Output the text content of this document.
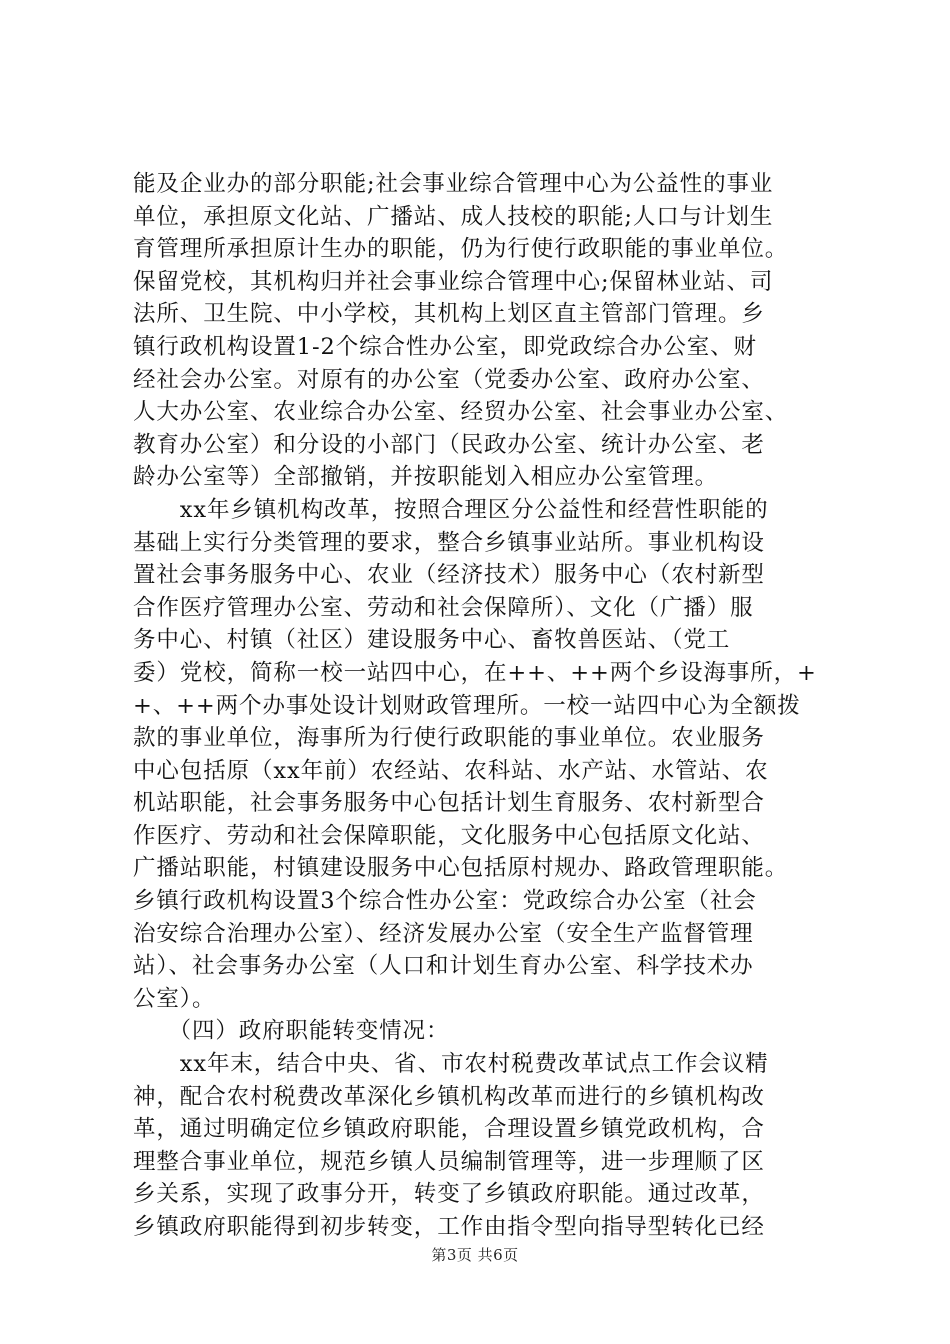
能及企业办的部分职能;社会事业综合管理中心为公益性的事业
单位，承担原文化站、广播站、成人技校的职能;人口与计划生
育管理所承担原计生办的职能，仍为行使行政职能的事业单位。
保留党校，其机构归并社会事业综合管理中心;保留林业站、司
法所、卫生院、中小学校，其机构上划区直主管部门管理。乡
镇行政机构设置1-2个综合性办公室，即党政综合办公室、财
经社会办公室。对原有的办公室（党委办公室、政府办公室、
人大办公室、农业综合办公室、经贸办公室、社会事业办公室、
教育办公室）和分设的小部门（民政办公室、统计办公室、老
龄办公室等）全部撤销，并按职能划入相应办公室管理。
　　xx年乡镇机构改革，按照合理区分公益性和经营性职能的
基础上实行分类管理的要求，整合乡镇事业站所。事业机构设
置社会事务服务中心、农业（经济技术）服务中心（农村新型
合作医疗管理办公室、劳动和社会保障所）、文化（广播）服
务中心、村镇（社区）建设服务中心、畜牧兽医站、（党工
委）党校，简称一校一站四中心，在++、++两个乡设海事所，+
+、++两个办事处设计划财政管理所。一校一站四中心为全额拨
款的事业单位，海事所为行使行政职能的事业单位。农业服务
中心包括原（xx年前）农经站、农科站、水产站、水管站、农
机站职能，社会事务服务中心包括计划生育服务、农村新型合
作医疗、劳动和社会保障职能，文化服务中心包括原文化站、
广播站职能，村镇建设服务中心包括原村规办、路政管理职能。
乡镇行政机构设置3个综合性办公室：党政综合办公室（社会
治安综合治理办公室）、经济发展办公室（安全生产监督管理
站）、社会事务办公室（人口和计划生育办公室、科学技术办
公室）。
　　（四）政府职能转变情况：
　　xx年末，结合中央、省、市农村税费改革试点工作会议精
神，配合农村税费改革深化乡镇机构改革而进行的乡镇机构改
革，通过明确定位乡镇政府职能，合理设置乡镇党政机构，合
理整合事业单位，规范乡镇人员编制管理等，进一步理顺了区
乡关系，实现了政事分开，转变了乡镇政府职能。通过改革，
乡镇政府职能得到初步转变，工作由指令型向指导型转化已经
第3页 共6页
